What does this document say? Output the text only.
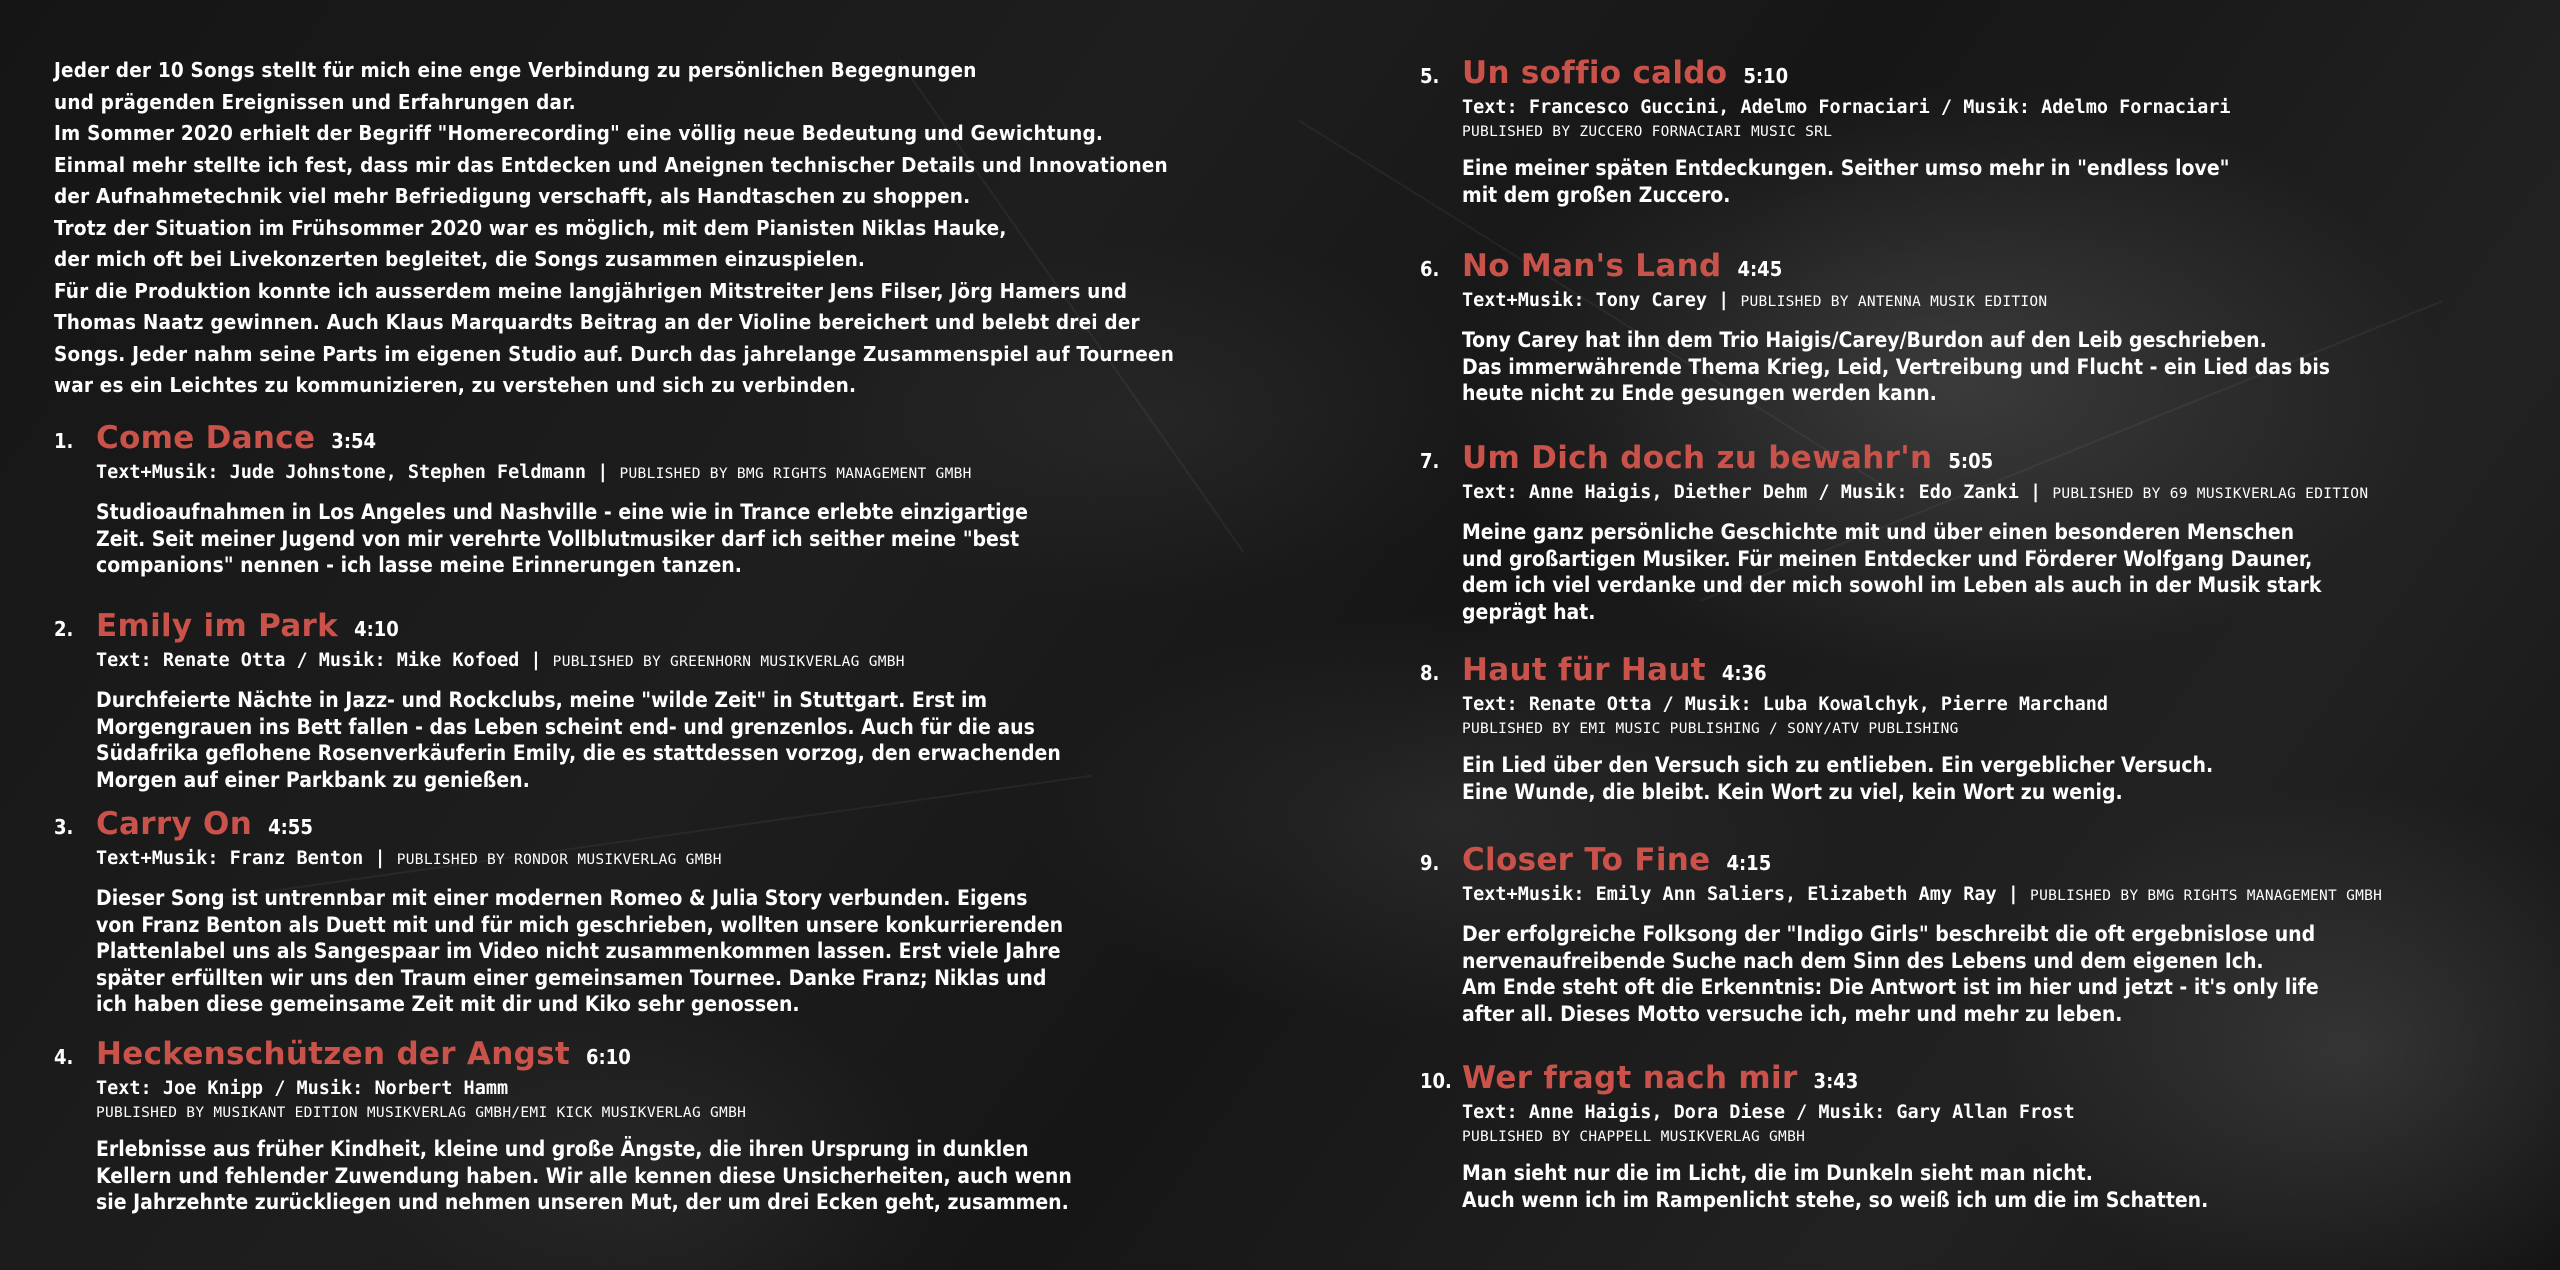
Jeder der 10 Songs stellt für mich eine enge Verbindung zu persönlichen Begegnungen
und prägenden Ereignissen und Erfahrungen dar.
Im Sommer 2020 erhielt der Begriff "Homerecording" eine völlig neue Bedeutung und Gewichtung.
Einmal mehr stellte ich fest, dass mir das Entdecken und Aneignen technischer Details und Innovationen
der Aufnahmetechnik viel mehr Befriedigung verschafft, als Handtaschen zu shoppen.
Trotz der Situation im Frühsommer 2020 war es möglich, mit dem Pianisten Niklas Hauke,
der mich oft bei Livekonzerten begleitet, die Songs zusammen einzuspielen.
Für die Produktion konnte ich ausserdem meine langjährigen Mitstreiter Jens Filser, Jörg Hamers und
Thomas Naatz gewinnen. Auch Klaus Marquardts Beitrag an der Violine bereichert und belebt drei der
Songs. Jeder nahm seine Parts im eigenen Studio auf. Durch das jahrelange Zusammenspiel auf Tourneen
war es ein Leichtes zu kommunizieren, zu verstehen und sich zu verbinden.
1. Come Dance 3:54
Text+Musik: Jude Johnstone, Stephen Feldmann | PUBLISHED BY BMG RIGHTS MANAGEMENT GMBH
Studioaufnahmen in Los Angeles und Nashville - eine wie in Trance erlebte einzigartige
Zeit. Seit meiner Jugend von mir verehrte Vollblutmusiker darf ich seither meine "best
companions" nennen - ich lasse meine Erinnerungen tanzen.
2. Emily im Park 4:10
Text: Renate Otta / Musik: Mike Kofoed | PUBLISHED BY GREENHORN MUSIKVERLAG GMBH
Durchfeierte Nächte in Jazz- und Rockclubs, meine "wilde Zeit" in Stuttgart. Erst im
Morgengrauen ins Bett fallen - das Leben scheint end- und grenzenlos. Auch für die aus
Südafrika geflohene Rosenverkäuferin Emily, die es stattdessen vorzog, den erwachenden
Morgen auf einer Parkbank zu genießen.
3. Carry On 4:55
Text+Musik: Franz Benton | PUBLISHED BY RONDOR MUSIKVERLAG GMBH
Dieser Song ist untrennbar mit einer modernen Romeo & Julia Story verbunden. Eigens
von Franz Benton als Duett mit und für mich geschrieben, wollten unsere konkurrierenden
Plattenlabel uns als Sangespaar im Video nicht zusammenkommen lassen. Erst viele Jahre
später erfüllten wir uns den Traum einer gemeinsamen Tournee. Danke Franz; Niklas und
ich haben diese gemeinsame Zeit mit dir und Kiko sehr genossen.
4. Heckenschützen der Angst 6:10
Text: Joe Knipp / Musik: Norbert Hamm
PUBLISHED BY MUSIKANT EDITION MUSIKVERLAG GMBH/EMI KICK MUSIKVERLAG GMBH
Erlebnisse aus früher Kindheit, kleine und große Ängste, die ihren Ursprung in dunklen
Kellern und fehlender Zuwendung haben. Wir alle kennen diese Unsicherheiten, auch wenn
sie Jahrzehnte zurückliegen und nehmen unseren Mut, der um drei Ecken geht, zusammen.
5. Un soffio caldo 5:10
Text: Francesco Guccini, Adelmo Fornaciari / Musik: Adelmo Fornaciari
PUBLISHED BY ZUCCERO FORNACIARI MUSIC SRL
Eine meiner späten Entdeckungen. Seither umso mehr in "endless love"
mit dem großen Zuccero.
6. No Man's Land 4:45
Text+Musik: Tony Carey | PUBLISHED BY ANTENNA MUSIK EDITION
Tony Carey hat ihn dem Trio Haigis/Carey/Burdon auf den Leib geschrieben.
Das immerwährende Thema Krieg, Leid, Vertreibung und Flucht - ein Lied das bis
heute nicht zu Ende gesungen werden kann.
7. Um Dich doch zu bewahr'n 5:05
Text: Anne Haigis, Diether Dehm / Musik: Edo Zanki | PUBLISHED BY 69 MUSIKVERLAG EDITION
Meine ganz persönliche Geschichte mit und über einen besonderen Menschen
und großartigen Musiker. Für meinen Entdecker und Förderer Wolfgang Dauner,
dem ich viel verdanke und der mich sowohl im Leben als auch in der Musik stark
geprägt hat.
8. Haut für Haut 4:36
Text: Renate Otta / Musik: Luba Kowalchyk, Pierre Marchand
PUBLISHED BY EMI MUSIC PUBLISHING / SONY/ATV PUBLISHING
Ein Lied über den Versuch sich zu entlieben. Ein vergeblicher Versuch.
Eine Wunde, die bleibt. Kein Wort zu viel, kein Wort zu wenig.
9. Closer To Fine 4:15
Text+Musik: Emily Ann Saliers, Elizabeth Amy Ray | PUBLISHED BY BMG RIGHTS MANAGEMENT GMBH
Der erfolgreiche Folksong der "Indigo Girls" beschreibt die oft ergebnislose und
nervenaufreibende Suche nach dem Sinn des Lebens und dem eigenen Ich.
Am Ende steht oft die Erkenntnis: Die Antwort ist im hier und jetzt - it's only life
after all. Dieses Motto versuche ich, mehr und mehr zu leben.
10. Wer fragt nach mir 3:43
Text: Anne Haigis, Dora Diese / Musik: Gary Allan Frost
PUBLISHED BY CHAPPELL MUSIKVERLAG GMBH
Man sieht nur die im Licht, die im Dunkeln sieht man nicht.
Auch wenn ich im Rampenlicht stehe, so weiß ich um die im Schatten.
